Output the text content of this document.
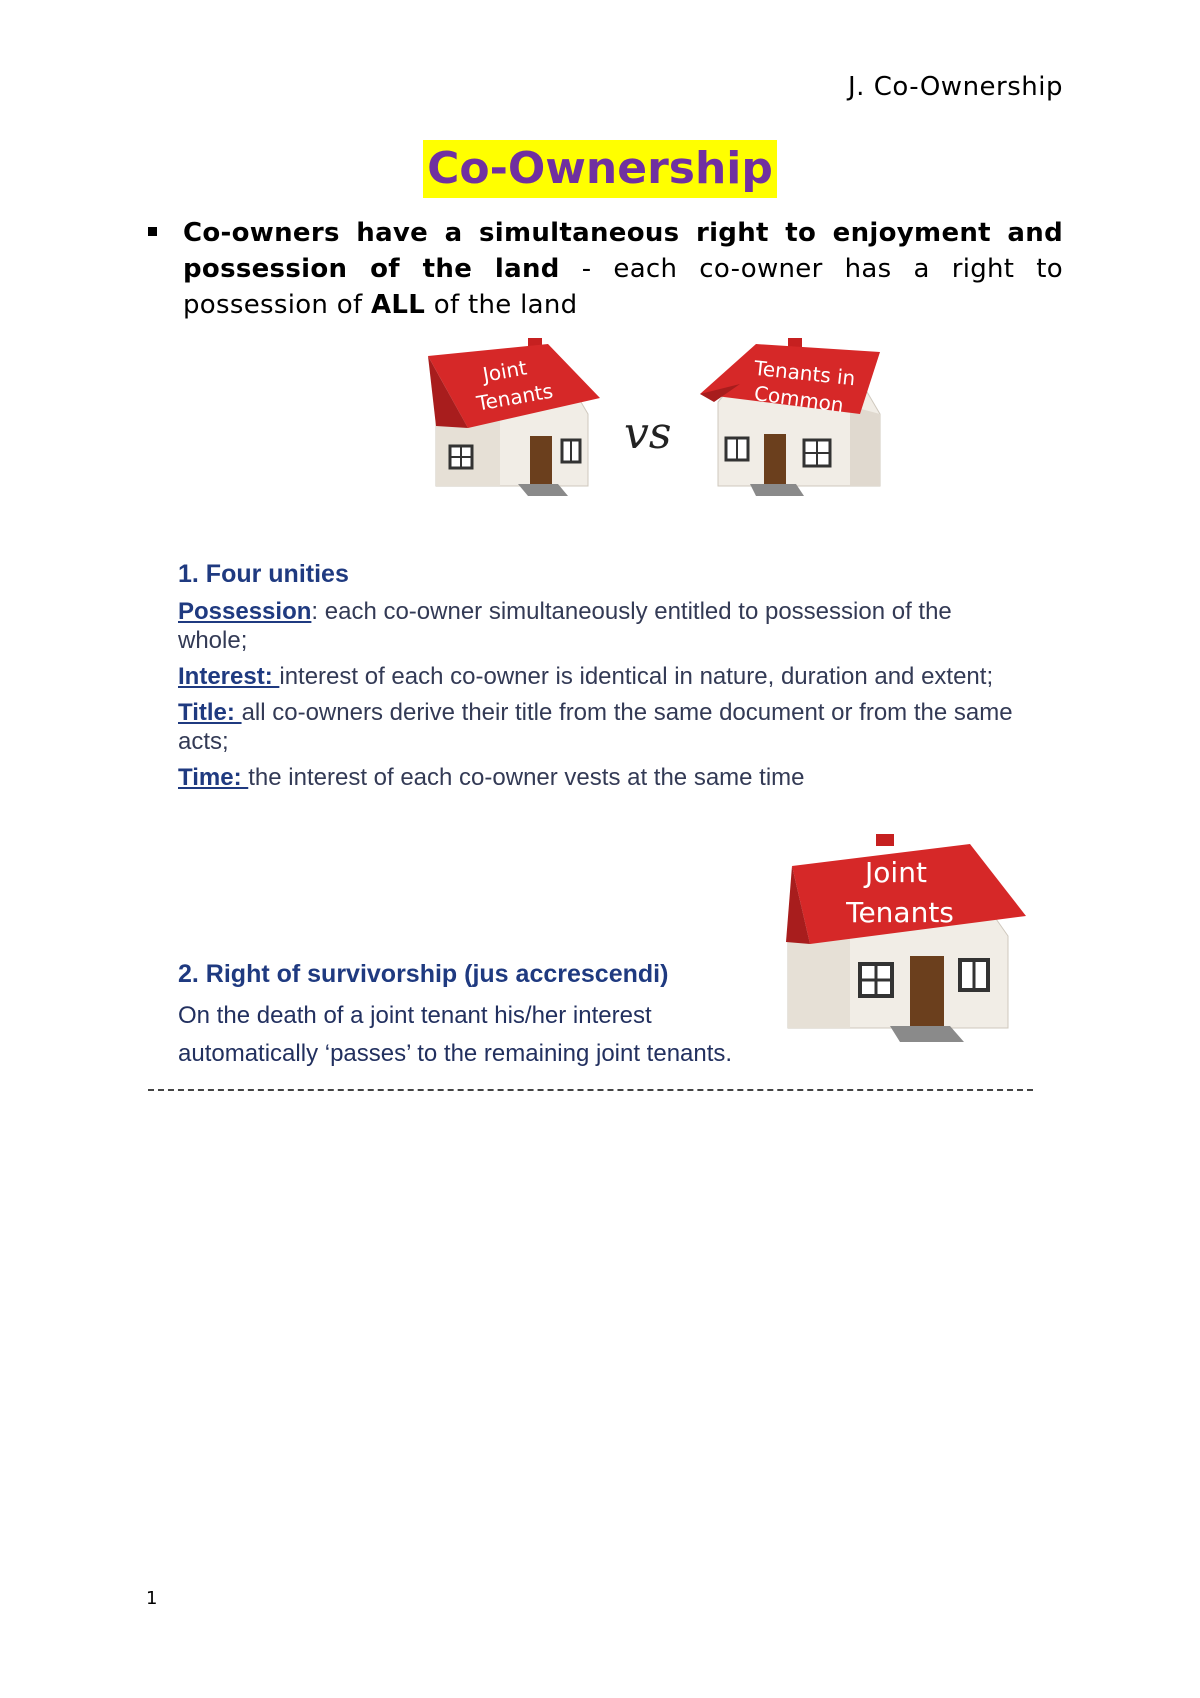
J. Co-Ownership
Co-Ownership
Co-owners have a simultaneous right to enjoyment and possession of the land - each co-owner has a right to possession of ALL of the land
Joint
Tenants
vs
Tenants in
Common
1. Four unities
Possession: each co-owner simultaneously entitled to possession of the whole;
Interest: interest of each co-owner is identical in nature, duration and extent;
Title: all co-owners derive their title from the same document or from the same acts;
Time: the interest of each co-owner vests at the same time
Joint
Tenants
2. Right of survivorship (jus accrescendi)
On the death of a joint tenant his/her interest
automatically ‘passes’ to the remaining joint tenants.
1
